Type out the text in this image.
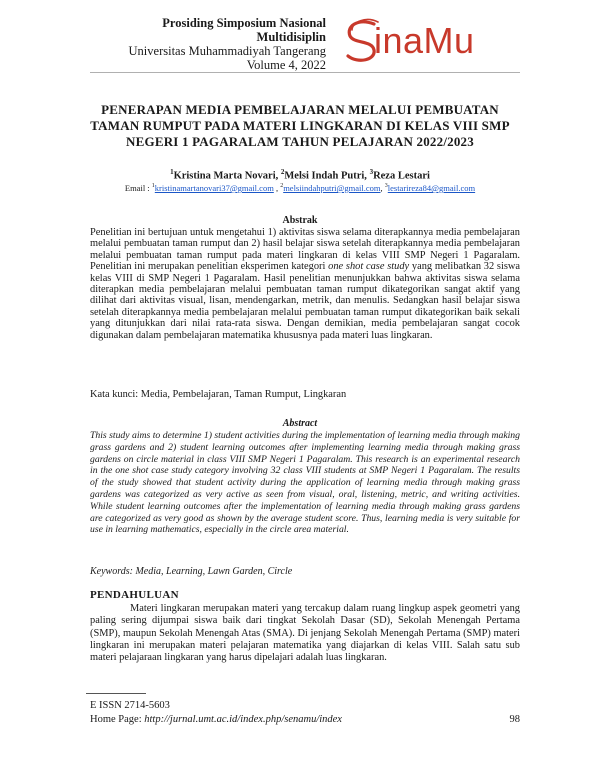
Prosiding Simposium Nasional Multidisiplin
Universitas Muhammadiyah Tangerang
Volume 4, 2022
inaMu
PENERAPAN MEDIA PEMBELAJARAN MELALUI PEMBUATAN TAMAN RUMPUT PADA MATERI LINGKARAN DI KELAS VIII SMP NEGERI 1 PAGARALAM TAHUN PELAJARAN 2022/2023
$^1$Kristina Marta Novari, $^2$Melsi Indah Putri, $^3$Reza Lestari
Email : $^1$kristinamartanovari37@gmail.com , $^2$melsiindahputri@gmail.com, $^3$lestarireza84@gmail.com
Abstrak
Penelitian ini bertujuan untuk mengetahui 1) aktivitas siswa selama diterapkannya media pembelajaran melalui pembuatan taman rumput dan 2) hasil belajar siswa setelah diterapkannya media pembelajaran melalui pembuatan taman rumput pada materi lingkaran di kelas VIII SMP Negeri 1 Pagaralam. Penelitian ini merupakan penelitian eksperimen kategori one shot case study yang melibatkan 32 siswa kelas VIII di SMP Negeri 1 Pagaralam. Hasil penelitian menunjukkan bahwa aktivitas siswa selama diterapkan media pembelajaran melalui pembuatan taman rumput dikategorikan sangat aktif yang dilihat dari aktivitas visual, lisan, mendengarkan, metrik, dan menulis. Sedangkan hasil belajar siswa setelah diterapkannya media pembelajaran melalui pembuatan taman rumput dikategorikan baik sekali yang ditunjukkan dari nilai rata-rata siswa. Dengan demikian, media pembelajaran sangat cocok digunakan dalam pembelajaran matematika khususnya pada materi luas lingkaran.
Kata kunci: Media, Pembelajaran, Taman Rumput, Lingkaran
Abstract
This study aims to determine 1) student activities during the implementation of learning media through making grass gardens and 2) student learning outcomes after implementing learning media through making grass gardens on circle material in class VIII SMP Negeri 1 Pagaralam. This research is an experimental research in the one shot case study category involving 32 class VIII students at SMP Negeri 1 Pagaralam. The results of the study showed that student activity during the application of learning media through making grass gardens was categorized as very active as seen from visual, oral, listening, metric, and writing activities. While student learning outcomes after the implementation of learning media through making grass gardens are categorized as very good as shown by the average student score. Thus, learning media is very suitable for use in learning mathematics, especially in the circle area material.
Keywords: Media, Learning, Lawn Garden, Circle
PENDAHULUAN
Materi lingkaran merupakan materi yang tercakup dalam ruang lingkup aspek geometri yang paling sering dijumpai siswa baik dari tingkat Sekolah Dasar (SD), Sekolah Menengah Pertama (SMP), maupun Sekolah Menengah Atas (SMA). Di jenjang Sekolah Menengah Pertama (SMP) materi lingkaran ini merupakan materi pelajaran matematika yang diajarkan di kelas VIII. Salah satu sub materi pelajaraan lingkaran yang harus dipelajari adalah luas lingkaran.
E ISSN 2714-5603
Home Page: http://jurnal.umt.ac.id/index.php/senamu/index	98
